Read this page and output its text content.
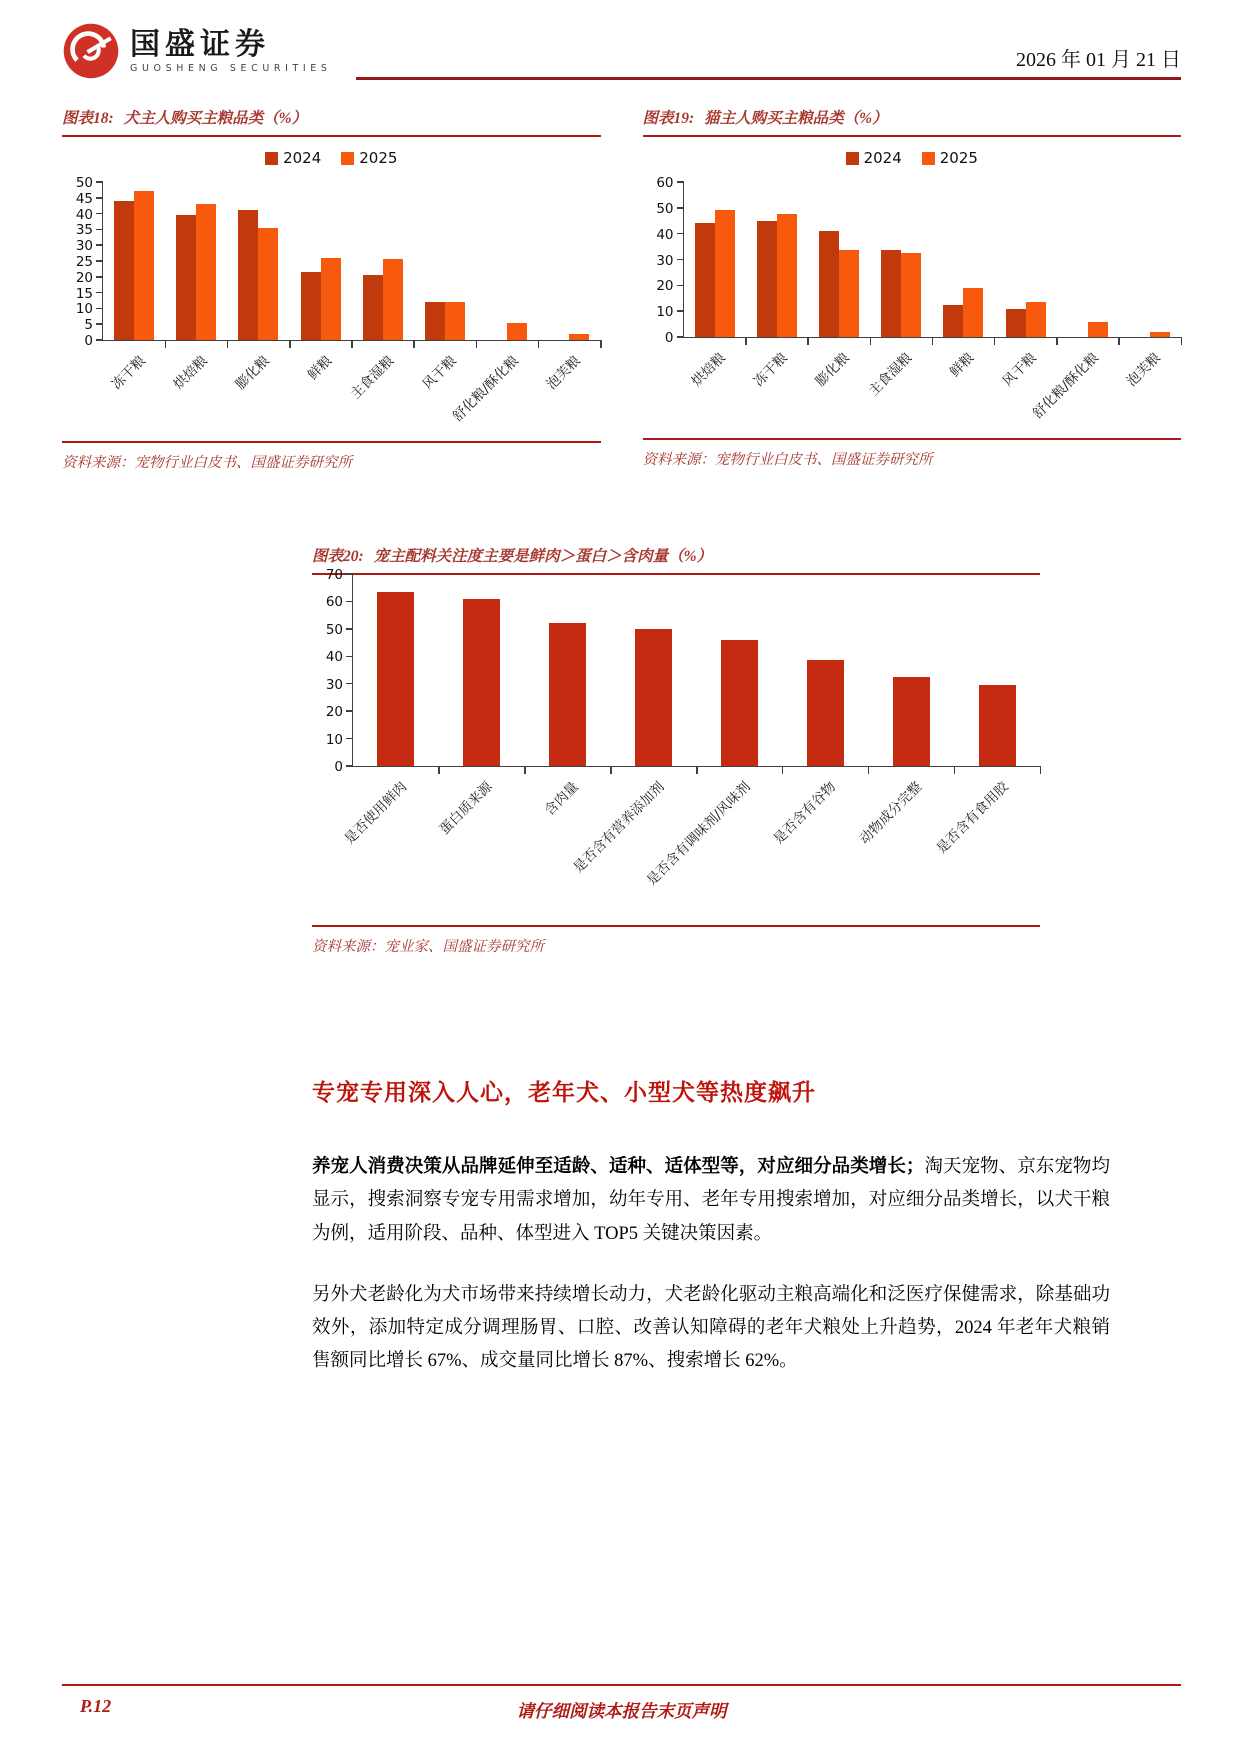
国盛证券
GUOSHENG SECURITIES	2026 年 01 月 21 日
图表18: 犬主人购买主粮品类（%）
2024	2025
0
5
10
15
20
25
30
35
40
45
50
冻干粮 烘焙粮 膨化粮 鲜粮 主食湿粮 风干粮
舒化粮/酥化粮 泡芙粮
资料来源：宠物行业白皮书、国盛证券研究所
图表19: 猫主人购买主粮品类（%）
2024	2025
0
10
20
30
40
50
60
烘焙粮 冻干粮 膨化粮 主食湿粮 鲜粮 风干粮
舒化粮/酥化粮 泡芙粮
资料来源：宠物行业白皮书、国盛证券研究所
图表20: 宠主配料关注度主要是鲜肉＞蛋白＞含肉量（%）
0
10
20
30
40
50
60
70
是否使用鲜肉 蛋白质来源	含肉量
是否含有营养添加剂
是否含有调味剂/风味剂 是否含有谷物 动物成分完整 是否含有食用胶
资料来源：宠业家、国盛证券研究所
专宠专用深入人心，老年犬、小型犬等热度飙升

养宠人消费决策从品牌延伸至适龄、适种、适体型等，对应细分品类增长；淘天宠物、京东宠物均显示，搜索洞察专宠专用需求增加，幼年专用、老年专用搜索增加，对应细分品类增长，以犬干粮为例，适用阶段、品种、体型进入 TOP5 关键决策因素。

另外犬老龄化为犬市场带来持续增长动力，犬老龄化驱动主粮高端化和泛医疗保健需求，除基础功效外，添加特定成分调理肠胃、口腔、改善认知障碍的老年犬粮处上升趋势，2024 年老年犬粮销售额同比增长 67%、成交量同比增长 87%、搜索增长 62%。

P.12	请仔细阅读本报告末页声明
